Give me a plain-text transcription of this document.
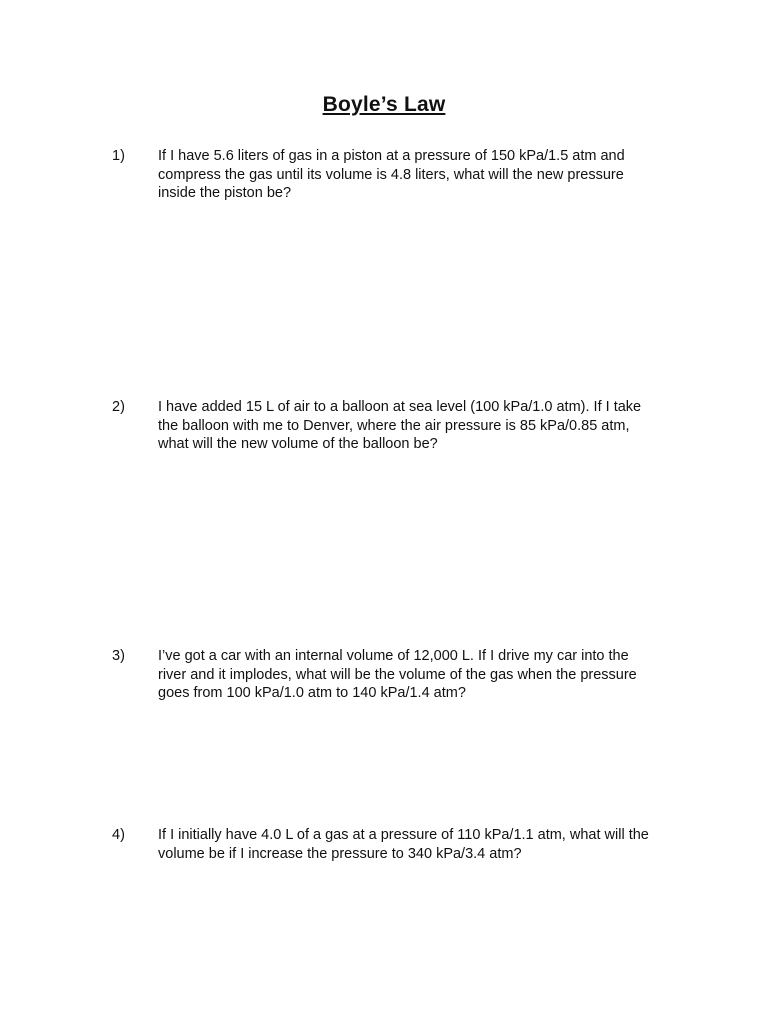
Boyle’s Law
1) If I have 5.6 liters of gas in a piston at a pressure of 150 kPa/1.5 atm and compress the gas until its volume is 4.8 liters, what will the new pressure inside the piston be?
2) I have added 15 L of air to a balloon at sea level (100 kPa/1.0 atm). If I take the balloon with me to Denver, where the air pressure is 85 kPa/0.85 atm, what will the new volume of the balloon be?
3) I’ve got a car with an internal volume of 12,000 L. If I drive my car into the river and it implodes, what will be the volume of the gas when the pressure goes from 100 kPa/1.0 atm to 140 kPa/1.4 atm?
4) If I initially have 4.0 L of a gas at a pressure of 110 kPa/1.1 atm, what will the volume be if I increase the pressure to 340 kPa/3.4 atm?
